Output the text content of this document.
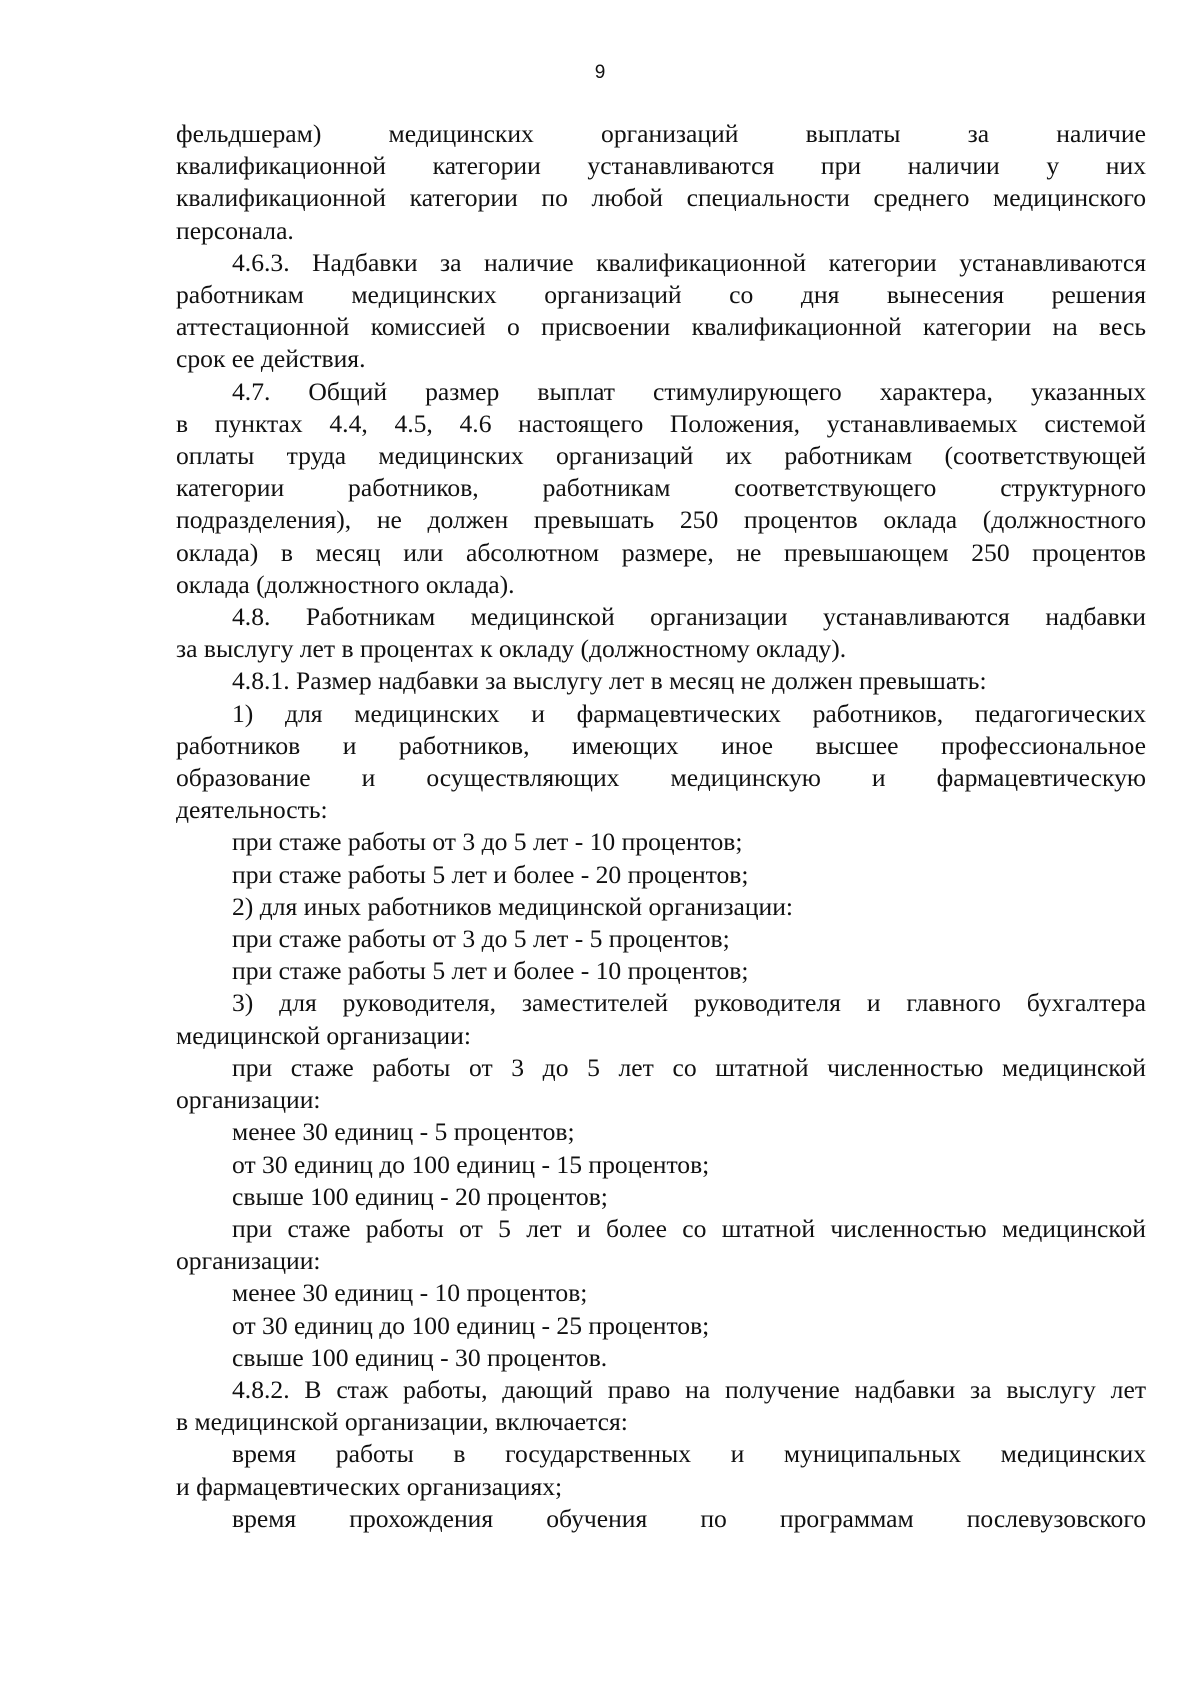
9

фельдшерам) медицинских организаций выплаты за наличие

квалификационной категории устанавливаются при наличии у них

квалификационной категории по любой специальности среднего медицинского

персонала.

4.6.3. Надбавки за наличие квалификационной категории устанавливаются

работникам медицинских организаций со дня вынесения решения

аттестационной комиссией о присвоении квалификационной категории на весь

срок ее действия.

4.7. Общий размер выплат стимулирующего характера, указанных

в пунктах 4.4, 4.5, 4.6 настоящего Положения, устанавливаемых системой

оплаты труда медицинских организаций их работникам (соответствующей

категории работников, работникам соответствующего структурного

подразделения), не должен превышать 250 процентов оклада (должностного

оклада) в месяц или абсолютном размере, не превышающем 250 процентов

оклада (должностного оклада).

4.8. Работникам медицинской организации устанавливаются надбавки

за выслугу лет в процентах к окладу (должностному окладу).

4.8.1. Размер надбавки за выслугу лет в месяц не должен превышать:

1) для медицинских и фармацевтических работников, педагогических

работников и работников, имеющих иное высшее профессиональное

образование и осуществляющих медицинскую и фармацевтическую

деятельность:

при стаже работы от 3 до 5 лет - 10 процентов;

при стаже работы 5 лет и более - 20 процентов;

2) для иных работников медицинской организации:

при стаже работы от 3 до 5 лет - 5 процентов;

при стаже работы 5 лет и более - 10 процентов;

3) для руководителя, заместителей руководителя и главного бухгалтера

медицинской организации:

при стаже работы от 3 до 5 лет со штатной численностью медицинской

организации:

менее 30 единиц - 5 процентов;

от 30 единиц до 100 единиц - 15 процентов;

свыше 100 единиц - 20 процентов;

при стаже работы от 5 лет и более со штатной численностью медицинской

организации:

менее 30 единиц - 10 процентов;

от 30 единиц до 100 единиц - 25 процентов;

свыше 100 единиц - 30 процентов.

4.8.2. В стаж работы, дающий право на получение надбавки за выслугу лет

в медицинской организации, включается:

время работы в государственных и муниципальных медицинских

и фармацевтических организациях;

время прохождения обучения по программам послевузовского
